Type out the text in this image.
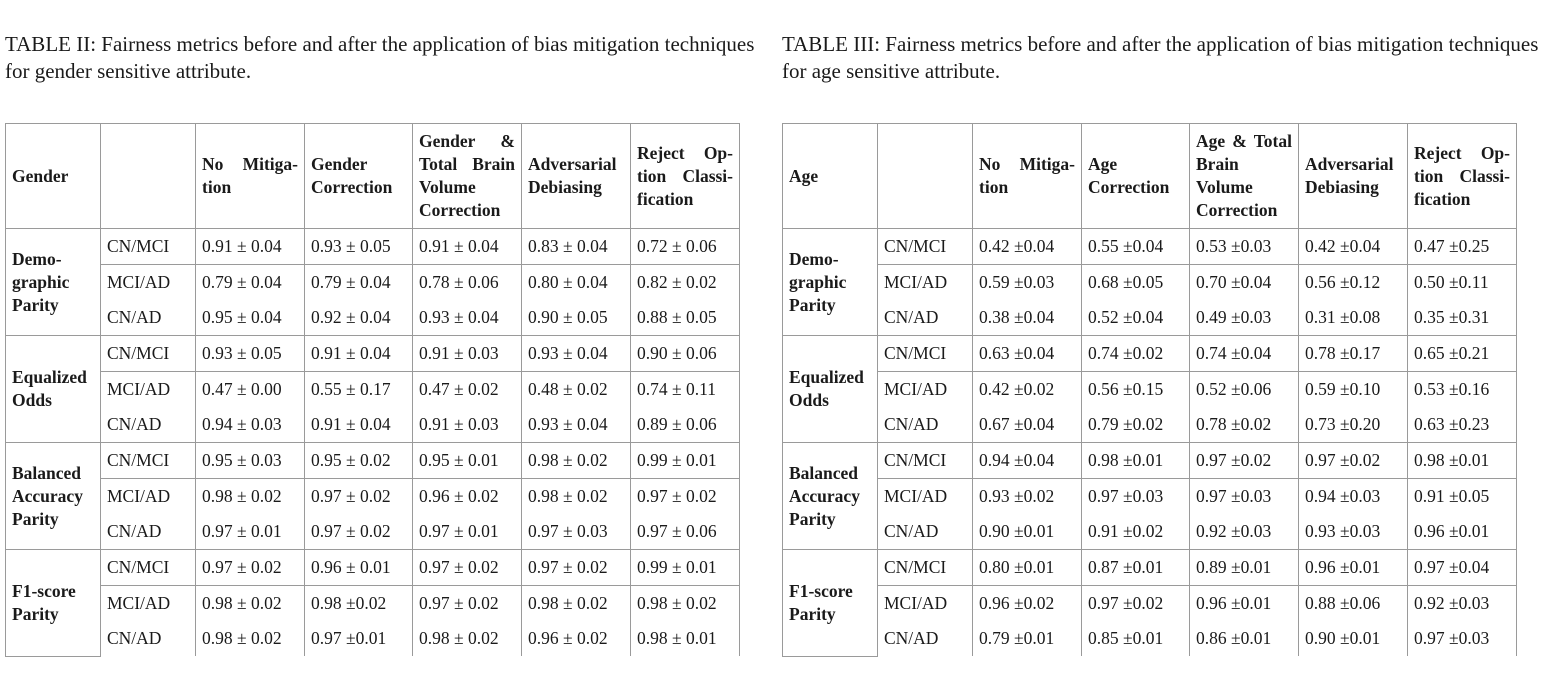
TABLE II: Fairness metrics before and after the application of bias mitigation techniques for gender sensitive attribute.

Gender		No Mitiga-tion	Gender Correction	Gender & Total Brain Volume Correction	Adversarial Debiasing	Reject Op-tion Classi-fication
Demo-graphic Parity	CN/MCI	0.91 ± 0.04	0.93 ± 0.05	0.91 ± 0.04	0.83 ± 0.04	0.72 ± 0.06
	MCI/AD	0.79 ± 0.04	0.79 ± 0.04	0.78 ± 0.06	0.80 ± 0.04	0.82 ± 0.02
	CN/AD	0.95 ± 0.04	0.92 ± 0.04	0.93 ± 0.04	0.90 ± 0.05	0.88 ± 0.05
Equalized Odds	CN/MCI	0.93 ± 0.05	0.91 ± 0.04	0.91 ± 0.03	0.93 ± 0.04	0.90 ± 0.06
	MCI/AD	0.47 ± 0.00	0.55 ± 0.17	0.47 ± 0.02	0.48 ± 0.02	0.74 ± 0.11
	CN/AD	0.94 ± 0.03	0.91 ± 0.04	0.91 ± 0.03	0.93 ± 0.04	0.89 ± 0.06
Balanced Accuracy Parity	CN/MCI	0.95 ± 0.03	0.95 ± 0.02	0.95 ± 0.01	0.98 ± 0.02	0.99 ± 0.01
	MCI/AD	0.98 ± 0.02	0.97 ± 0.02	0.96 ± 0.02	0.98 ± 0.02	0.97 ± 0.02
	CN/AD	0.97 ± 0.01	0.97 ± 0.02	0.97 ± 0.01	0.97 ± 0.03	0.97 ± 0.06
F1-score Parity	CN/MCI	0.97 ± 0.02	0.96 ± 0.01	0.97 ± 0.02	0.97 ± 0.02	0.99 ± 0.01
	MCI/AD	0.98 ± 0.02	0.98 ±0.02	0.97 ± 0.02	0.98 ± 0.02	0.98 ± 0.02
	CN/AD	0.98 ± 0.02	0.97 ±0.01	0.98 ± 0.02	0.96 ± 0.02	0.98 ± 0.01

TABLE III: Fairness metrics before and after the application of bias mitigation techniques for age sensitive attribute.

Age		No Mitiga-tion	Age Correction	Age & Total Brain Volume Correction	Adversarial Debiasing	Reject Op-tion Classi-fication
Demo-graphic Parity	CN/MCI	0.42 ±0.04	0.55 ±0.04	0.53 ±0.03	0.42 ±0.04	0.47 ±0.25
	MCI/AD	0.59 ±0.03	0.68 ±0.05	0.70 ±0.04	0.56 ±0.12	0.50 ±0.11
	CN/AD	0.38 ±0.04	0.52 ±0.04	0.49 ±0.03	0.31 ±0.08	0.35 ±0.31
Equalized Odds	CN/MCI	0.63 ±0.04	0.74 ±0.02	0.74 ±0.04	0.78 ±0.17	0.65 ±0.21
	MCI/AD	0.42 ±0.02	0.56 ±0.15	0.52 ±0.06	0.59 ±0.10	0.53 ±0.16
	CN/AD	0.67 ±0.04	0.79 ±0.02	0.78 ±0.02	0.73 ±0.20	0.63 ±0.23
Balanced Accuracy Parity	CN/MCI	0.94 ±0.04	0.98 ±0.01	0.97 ±0.02	0.97 ±0.02	0.98 ±0.01
	MCI/AD	0.93 ±0.02	0.97 ±0.03	0.97 ±0.03	0.94 ±0.03	0.91 ±0.05
	CN/AD	0.90 ±0.01	0.91 ±0.02	0.92 ±0.03	0.93 ±0.03	0.96 ±0.01
F1-score Parity	CN/MCI	0.80 ±0.01	0.87 ±0.01	0.89 ±0.01	0.96 ±0.01	0.97 ±0.04
	MCI/AD	0.96 ±0.02	0.97 ±0.02	0.96 ±0.01	0.88 ±0.06	0.92 ±0.03
	CN/AD	0.79 ±0.01	0.85 ±0.01	0.86 ±0.01	0.90 ±0.01	0.97 ±0.03
